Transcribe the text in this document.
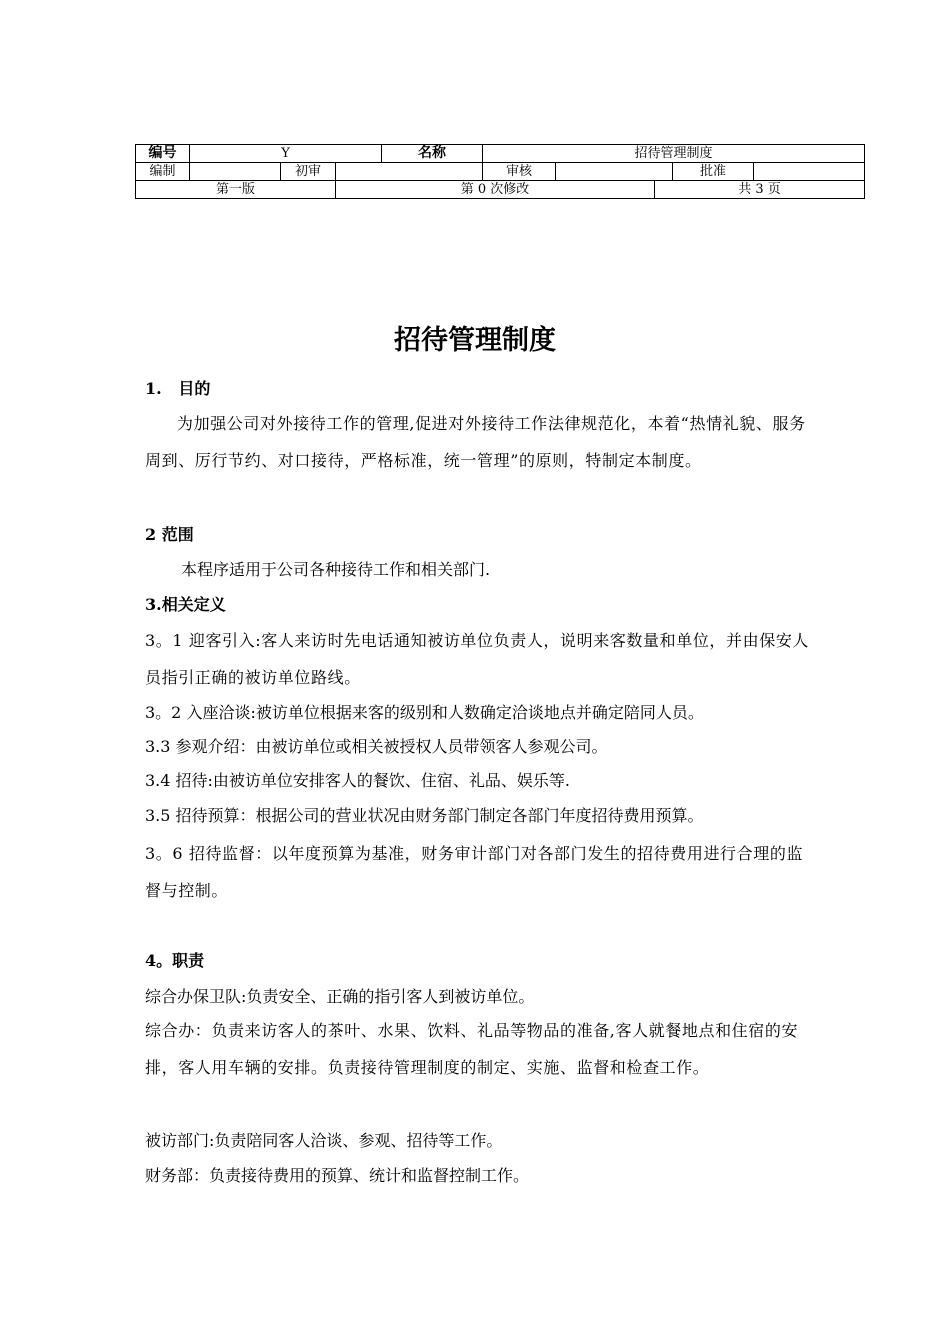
编号	Y			名称	招待管理制度				
编制		初审			审核			批准	
第一版			第 0 次修改				共 3 页		
招待管理制度
1.   目的
为加强公司对外接待工作的管理,促进对外接待工作法律规范化，本着“热情礼貌、服务周到、厉行节约、对口接待，严格标准，统一管理”的原则，特制定本制度。
2 范围
本程序适用于公司各种接待工作和相关部门.
3.相关定义
3。1 迎客引入:客人来访时先电话通知被访单位负责人，说明来客数量和单位，并由保安人员指引正确的被访单位路线。
3。2 入座洽谈:被访单位根据来客的级别和人数确定洽谈地点并确定陪同人员。
3.3 参观介绍：由被访单位或相关被授权人员带领客人参观公司。
3.4 招待:由被访单位安排客人的餐饮、住宿、礼品、娱乐等.
3.5 招待预算：根据公司的营业状况由财务部门制定各部门年度招待费用预算。
3。6 招待监督：以年度预算为基准，财务审计部门对各部门发生的招待费用进行合理的监督与控制。
4。职责
综合办保卫队:负责安全、正确的指引客人到被访单位。
综合办：负责来访客人的茶叶、水果、饮料、礼品等物品的准备,客人就餐地点和住宿的安排，客人用车辆的安排。负责接待管理制度的制定、实施、监督和检查工作。
被访部门:负责陪同客人洽谈、参观、招待等工作。
财务部：负责接待费用的预算、统计和监督控制工作。
